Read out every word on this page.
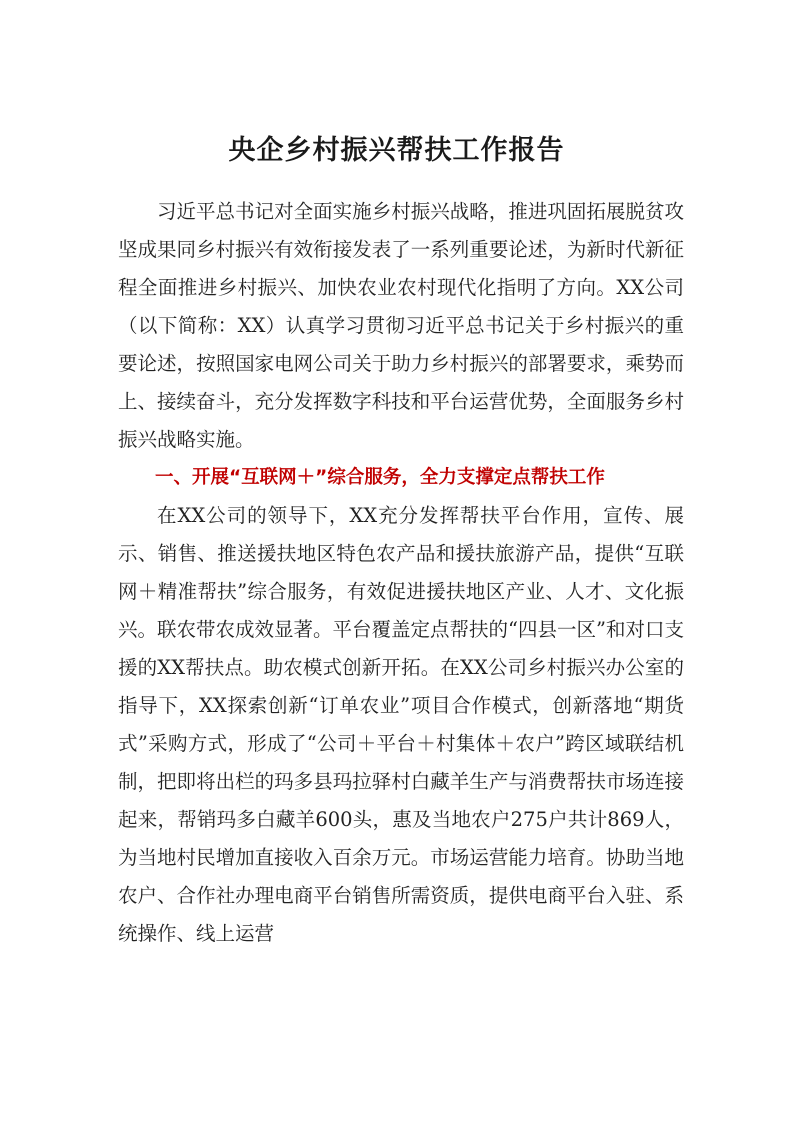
央企乡村振兴帮扶工作报告

习近平总书记对全面实施乡村振兴战略，推进巩固拓展脱贫攻坚成果同乡村振兴有效衔接发表了一系列重要论述，为新时代新征程全面推进乡村振兴、加快农业农村现代化指明了方向。XX公司（以下简称：XX）认真学习贯彻习近平总书记关于乡村振兴的重要论述，按照国家电网公司关于助力乡村振兴的部署要求，乘势而上、接续奋斗，充分发挥数字科技和平台运营优势，全面服务乡村振兴战略实施。

一、开展“互联网＋”综合服务，全力支撑定点帮扶工作

在XX公司的领导下，XX充分发挥帮扶平台作用，宣传、展示、销售、推送援扶地区特色农产品和援扶旅游产品，提供“互联网＋精准帮扶”综合服务，有效促进援扶地区产业、人才、文化振兴。联农带农成效显著。平台覆盖定点帮扶的“四县一区”和对口支援的XX帮扶点。助农模式创新开拓。在XX公司乡村振兴办公室的指导下，XX探索创新“订单农业”项目合作模式，创新落地“期货式”采购方式，形成了“公司＋平台＋村集体＋农户”跨区域联结机制，把即将出栏的玛多县玛拉驿村白藏羊生产与消费帮扶市场连接起来，帮销玛多白藏羊600头，惠及当地农户275户共计869人，为当地村民增加直接收入百余万元。市场运营能力培育。协助当地农户、合作社办理电商平台销售所需资质，提供电商平台入驻、系统操作、线上运营
